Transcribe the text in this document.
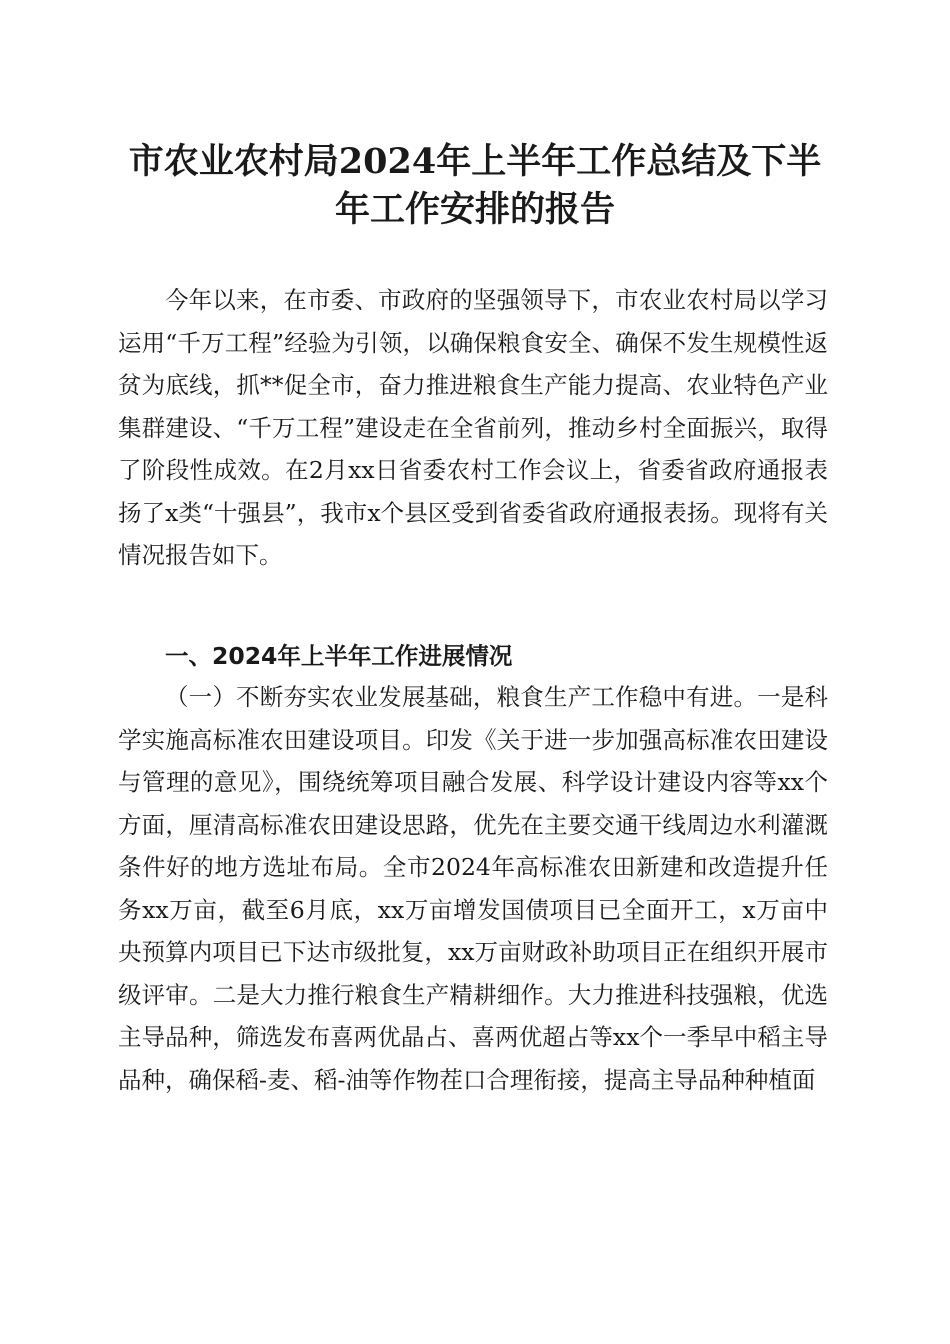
市农业农村局2024年上半年工作总结及下半
年工作安排的报告

今年以来，在市委、市政府的坚强领导下，市农业农村局以学习运用“千万工程”经验为引领，以确保粮食安全、确保不发生规模性返贫为底线，抓**促全市，奋力推进粮食生产能力提高、农业特色产业集群建设、“千万工程”建设走在全省前列，推动乡村全面振兴，取得了阶段性成效。在2月xx日省委农村工作会议上，省委省政府通报表扬了x类“十强县”，我市x个县区受到省委省政府通报表扬。现将有关情况报告如下。

一、2024年上半年工作进展情况

（一）不断夯实农业发展基础，粮食生产工作稳中有进。一是科学实施高标准农田建设项目。印发《关于进一步加强高标准农田建设与管理的意见》，围绕统筹项目融合发展、科学设计建设内容等xx个方面，厘清高标准农田建设思路，优先在主要交通干线周边水利灌溉条件好的地方选址布局。全市2024年高标准农田新建和改造提升任务xx万亩，截至6月底，xx万亩增发国债项目已全面开工，x万亩中央预算内项目已下达市级批复，xx万亩财政补助项目正在组织开展市级评审。二是大力推行粮食生产精耕细作。大力推进科技强粮，优选主导品种，筛选发布喜两优晶占、喜两优超占等xx个一季早中稻主导品种，确保稻-麦、稻-油等作物茬口合理衔接，提高主导品种种植面
